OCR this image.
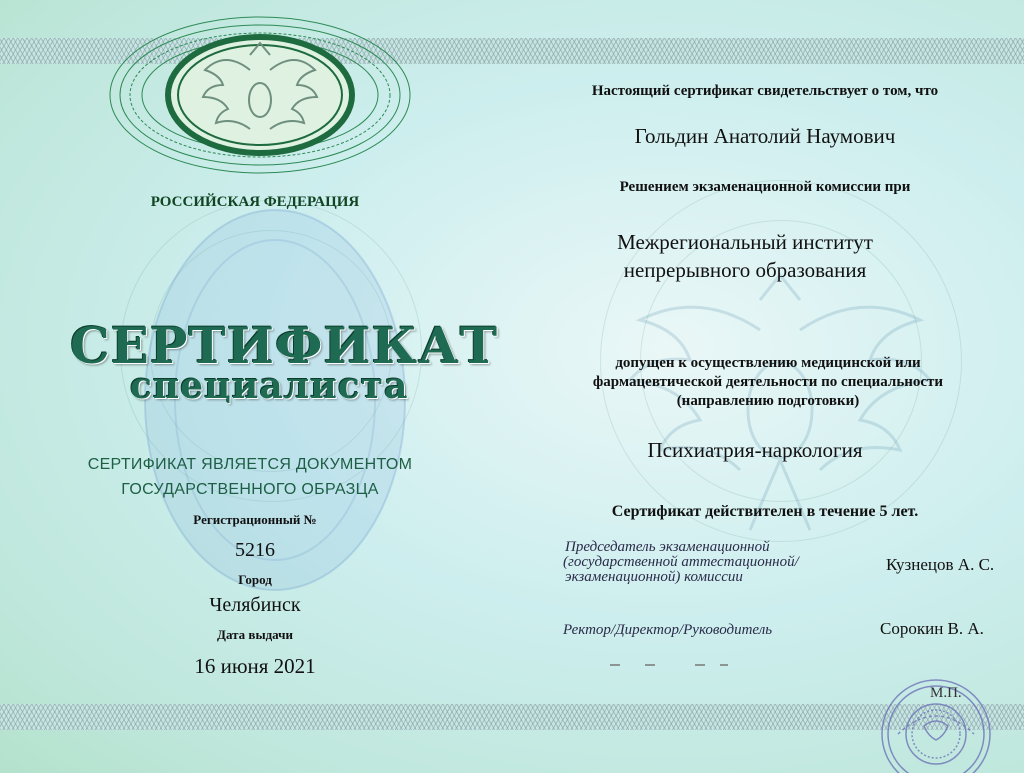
РОССИЙСКАЯ ФЕДЕРАЦИЯ

СЕРТИФИКАТ

специалиста

СЕРТИФИКАТ ЯВЛЯЕТСЯ ДОКУМЕНТОМ

ГОСУДАРСТВЕННОГО ОБРАЗЦА

Регистрационный №

5216

Город

Челябинск

Дата выдачи

16 июня 2021

Настоящий сертификат свидетельствует о том, что

Гольдин Анатолий Наумович

Решением экзаменационной комиссии при

Межрегиональный институт

непрерывного образования

допущен к осуществлению медицинской или

фармацевтической деятельности по специальности

(направлению подготовки)

Психиатрия-наркология

Сертификат действителен в течение 5 лет.

Председатель экзаменационной

(государственной аттестационной/

экзаменационной) комиссии

Кузнецов А. С.

Ректор/Директор/Руководитель	Сорокин В. А.

М.П.
